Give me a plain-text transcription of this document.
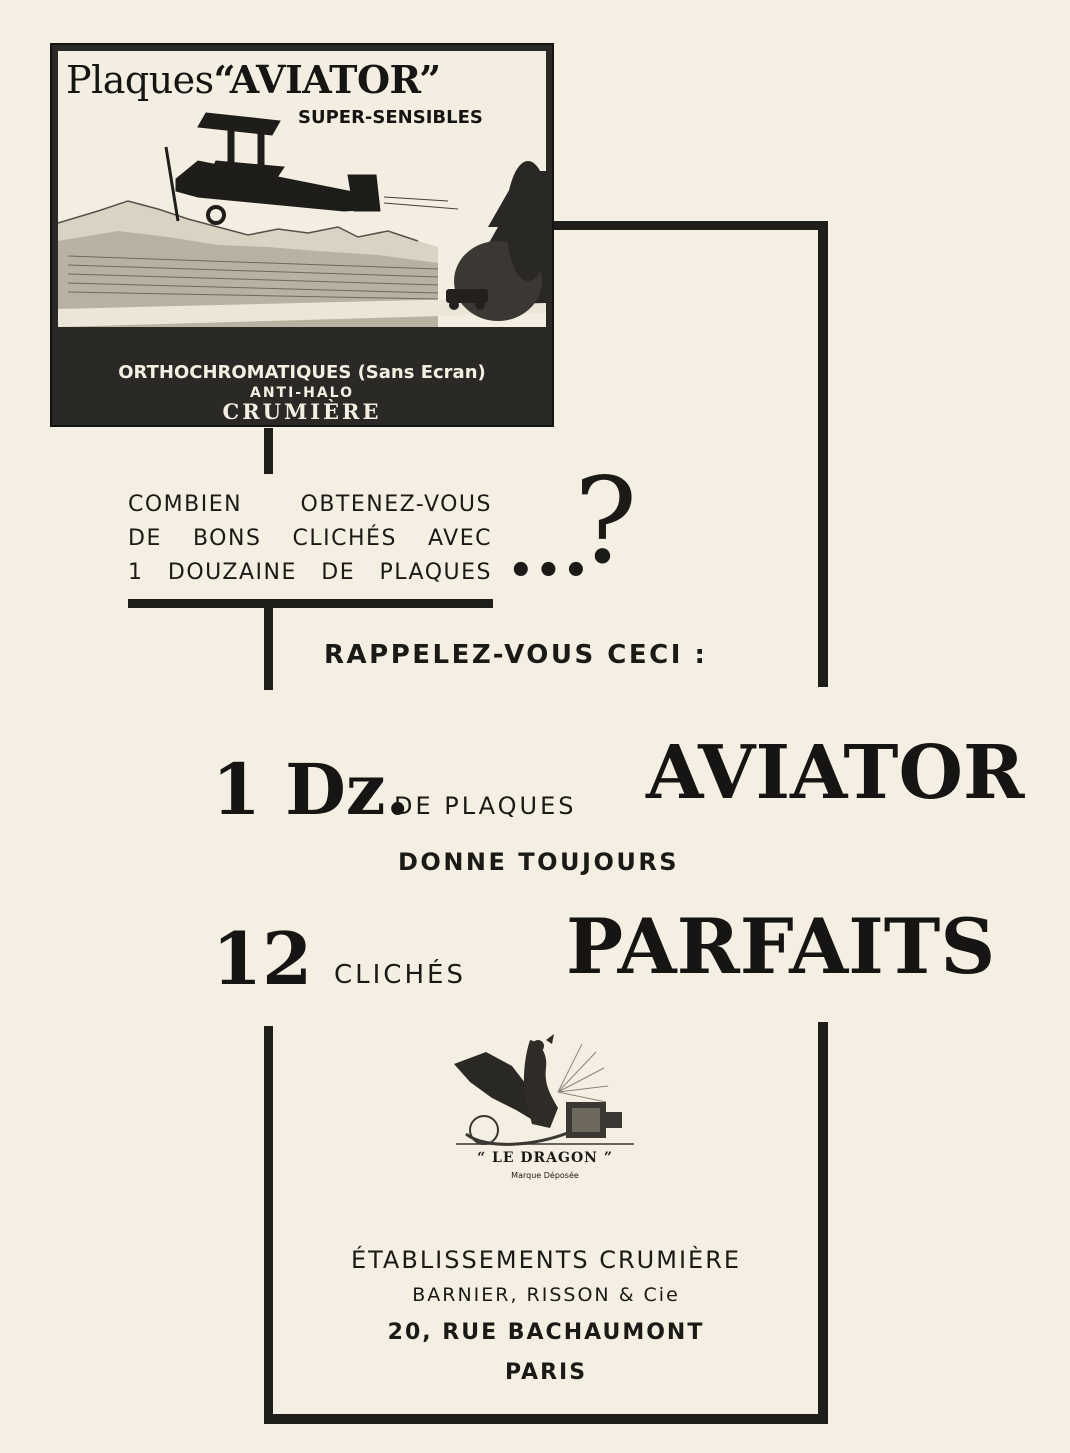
Plaques“AVIATOR”
SUPER-SENSIBLES
ORTHOCHROMATIQUES (Sans Ecran)
ANTI-HALO
CRUMIÈRE
COMBIEN OBTENEZ-VOUS
DE BONS CLICHÉS AVEC
1 DOUZAINE DE PLAQUES •••
?
RAPPELEZ-VOUS CECI :
1 Dz.
DE PLAQUES AVIATOR
DONNE TOUJOURS
12 CLICHÉS PARFAITS
“ LE DRAGON ”
Marque Déposée
ÉTABLISSEMENTS CRUMIÈRE
BARNIER, RISSON & Cie
20, RUE BACHAUMONT
PARIS
